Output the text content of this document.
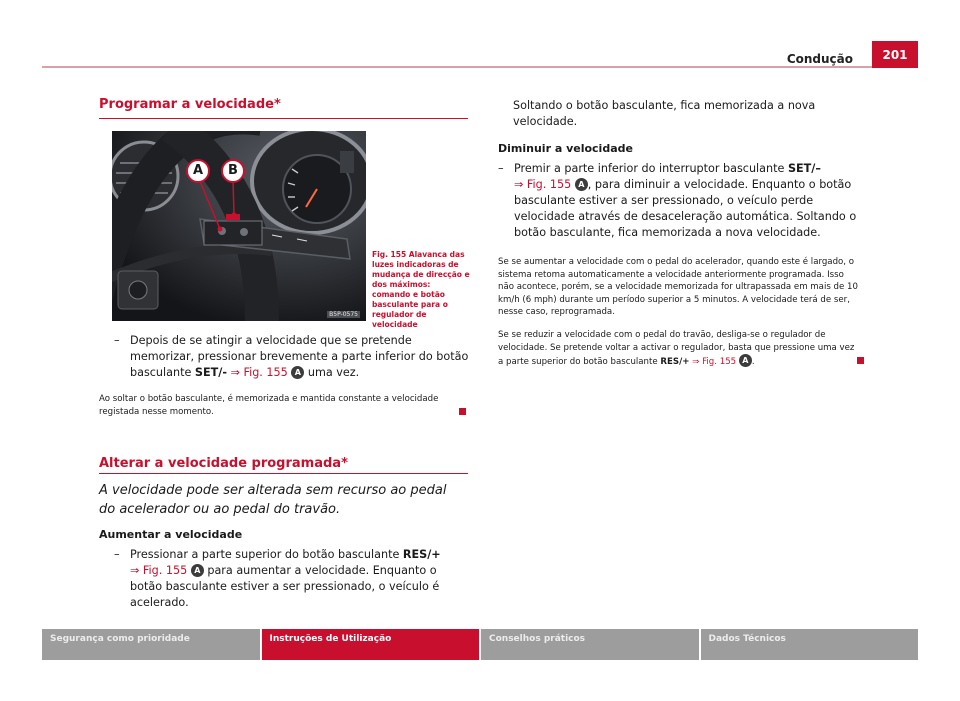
Condução	201
Programar a velocidade*
A B
B5P-0575
Fig. 155 Alavanca das luzes indicadoras de mudança de direcção e dos máximos: comando e botão basculante para o regulador de velocidade
– Depois de se atingir a velocidade que se pretende memorizar, pressionar brevemente a parte inferior do botão basculante SET/- ⇒ Fig. 155 A uma vez.
Ao soltar o botão basculante, é memorizada e mantida constante a velocidade registada nesse momento.
Alterar a velocidade programada*
A velocidade pode ser alterada sem recurso ao pedal do acelerador ou ao pedal do travão.
Aumentar a velocidade
– Pressionar a parte superior do botão basculante RES/+
⇒ Fig. 155 A para aumentar a velocidade. Enquanto o botão basculante estiver a ser pressionado, o veículo é acelerado.
Soltando o botão basculante, fica memorizada a nova velocidade.
Diminuir a velocidade
– Premir a parte inferior do interruptor basculante SET/–
⇒ Fig. 155 A , para diminuir a velocidade. Enquanto o botão basculante estiver a ser pressionado, o veículo perde velocidade através de desaceleração automática. Soltando o botão basculante, fica memorizada a nova velocidade.
Se se aumentar a velocidade com o pedal do acelerador, quando este é largado, o sistema retoma automaticamente a velocidade anteriormente programada. Isso não acontece, porém, se a velocidade memorizada for ultrapassada em mais de 10 km/h (6 mph) durante um período superior a 5 minutos. A velocidade terá de ser, nesse caso, reprogramada.
Se se reduzir a velocidade com o pedal do travão, desliga-se o regulador de velocidade. Se pretende voltar a activar o regulador, basta que pressione uma vez a parte superior do botão basculante RES/+ ⇒ Fig. 155 A .
Segurança como prioridade	Instruções de Utilização	Conselhos práticos	Dados Técnicos
